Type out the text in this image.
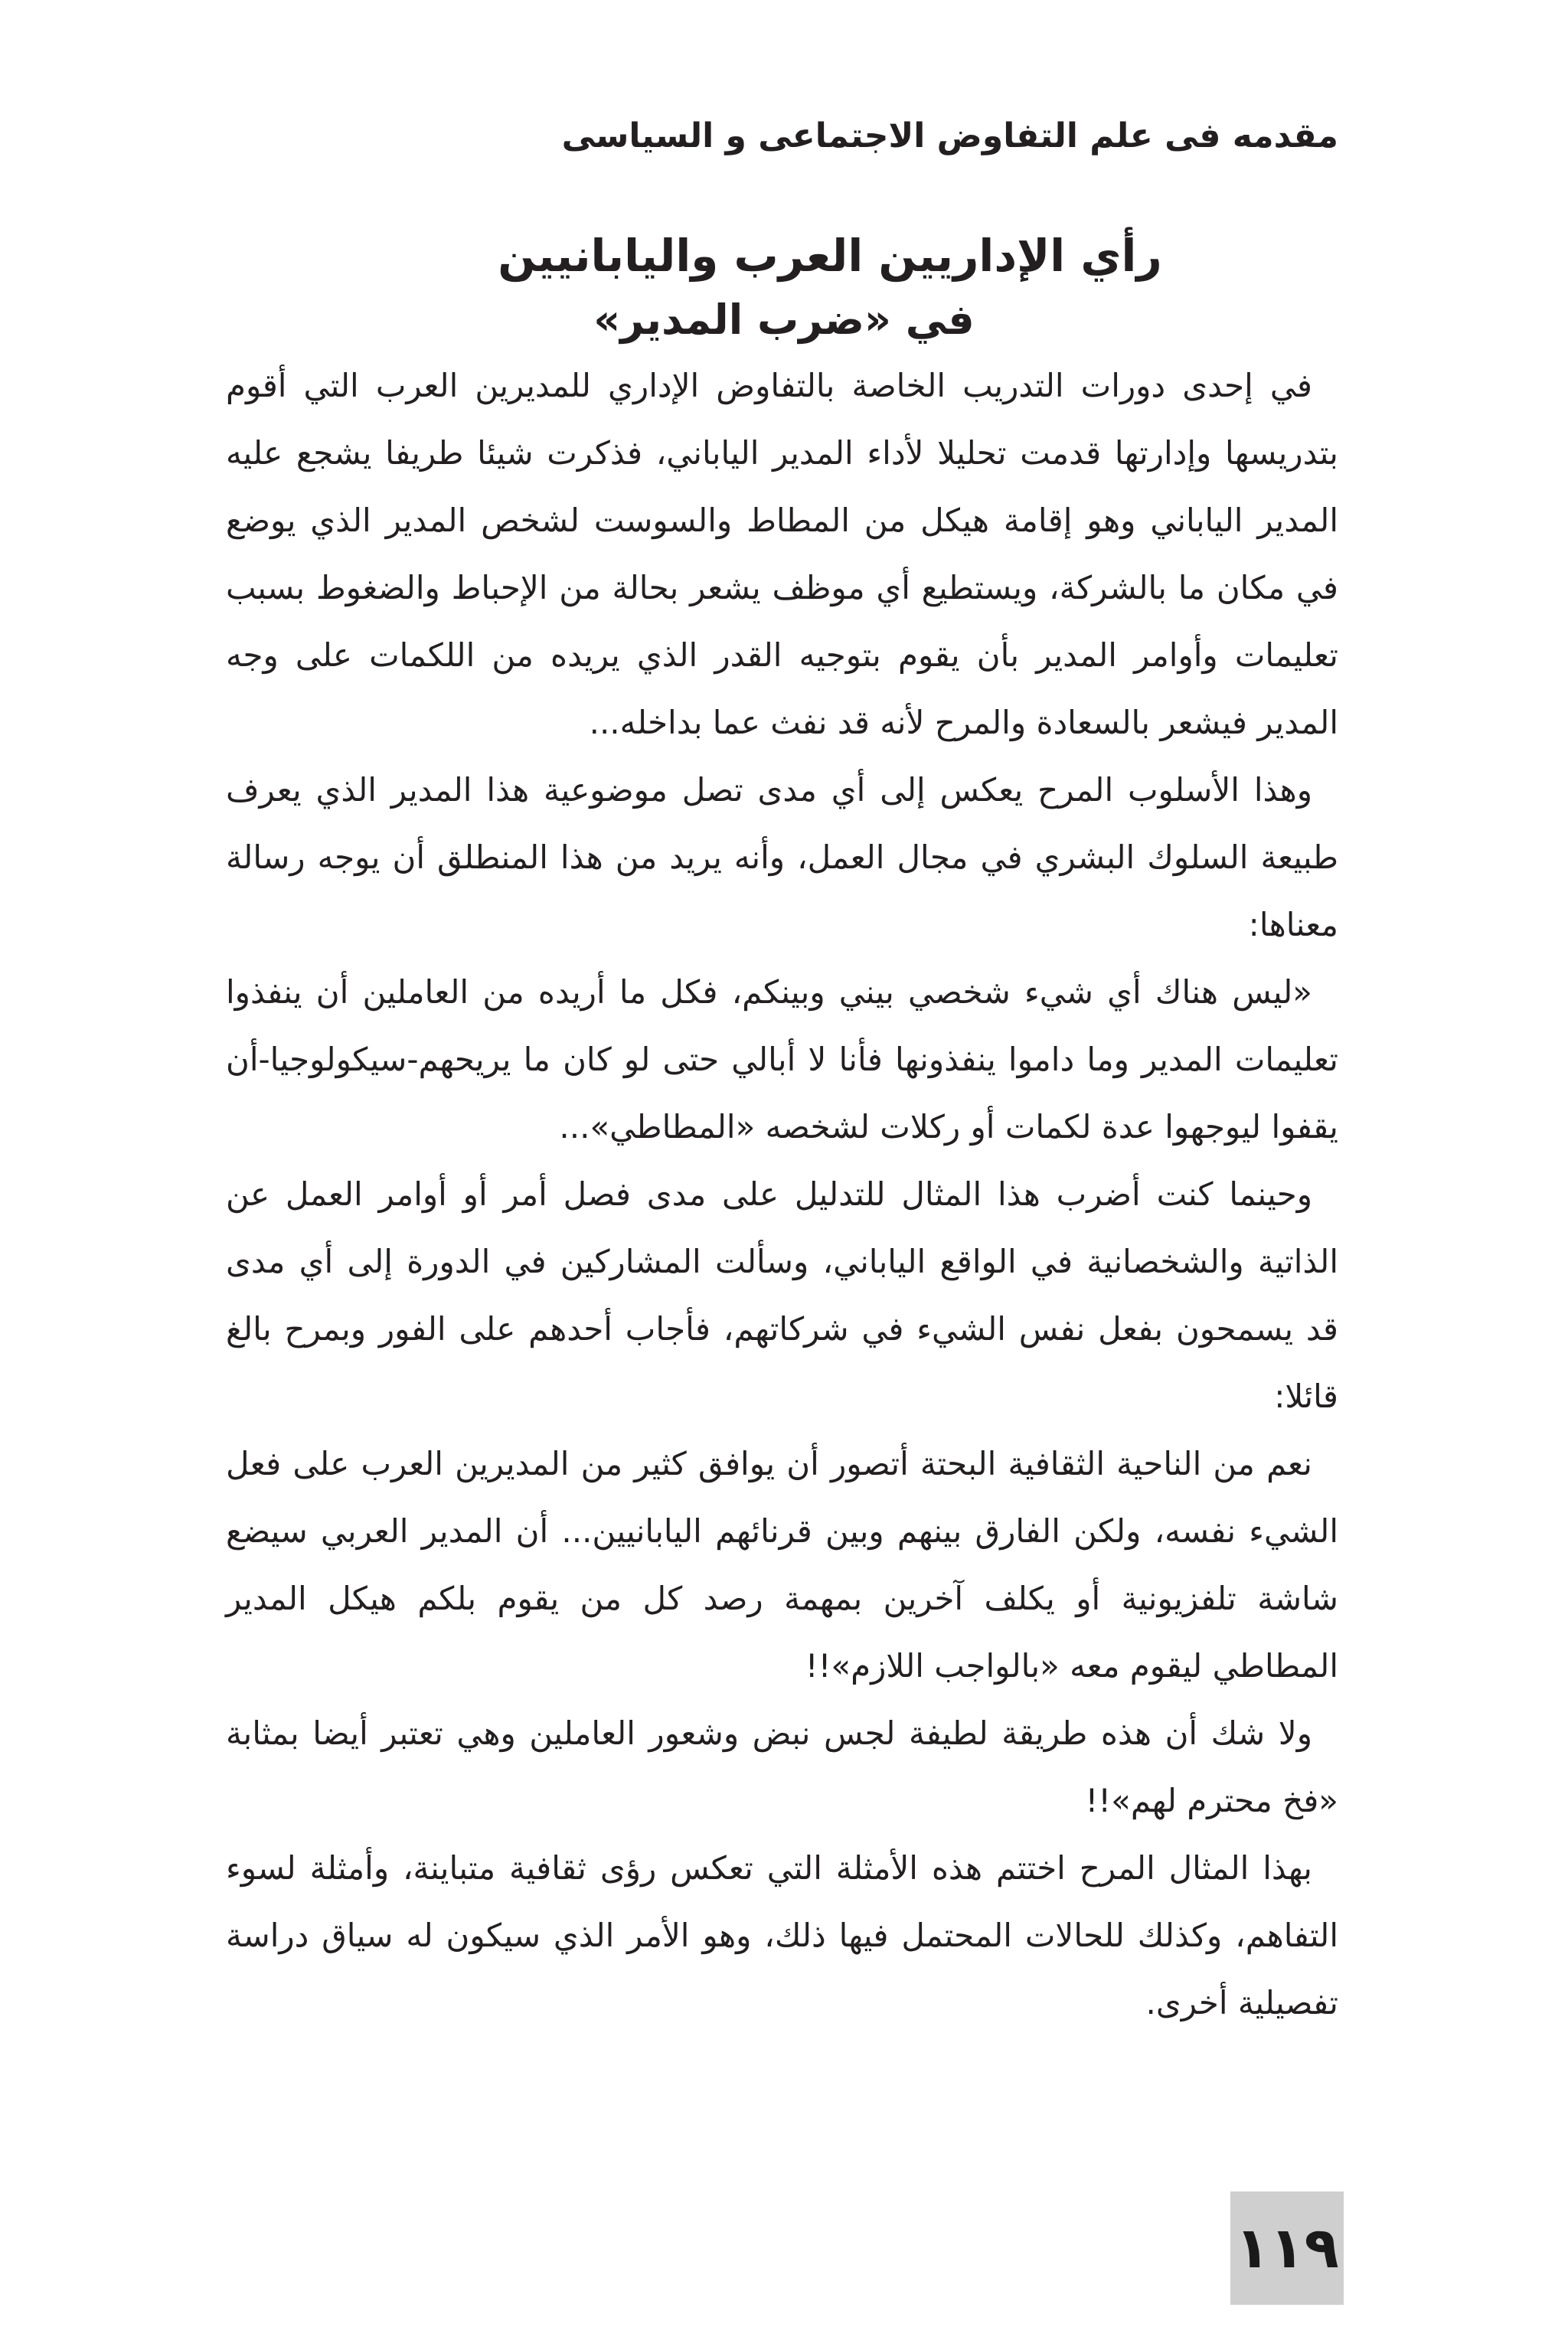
مقدمه فى علم التفاوض الاجتماعى و السياسى
رأي الإداريين العرب واليابانيين
في «ضرب المدير»

في إحدى دورات التدريب الخاصة بالتفاوض الإداري للمديرين العرب التي أقوم بتدريسها وإدارتها قدمت تحليلا لأداء المدير الياباني، فذكرت شيئا طريفا يشجع عليه المدير الياباني وهو إقامة هيكل من المطاط والسوست لشخص المدير الذي يوضع في مكان ما بالشركة، ويستطيع أي موظف يشعر بحالة من الإحباط والضغوط بسبب تعليمات وأوامر المدير بأن يقوم بتوجيه القدر الذي يريده من اللكمات على وجه المدير فيشعر بالسعادة والمرح لأنه قد نفث عما بداخله...

وهذا الأسلوب المرح يعكس إلى أي مدى تصل موضوعية هذا المدير الذي يعرف طبيعة السلوك البشري في مجال العمل، وأنه يريد من هذا المنطلق أن يوجه رسالة معناها:

«ليس هناك أي شيء شخصي بيني وبينكم، فكل ما أريده من العاملين أن ينفذوا تعليمات المدير وما داموا ينفذونها فأنا لا أبالي حتى لو كان ما يريحهم-سيكولوجيا-أن يقفوا ليوجهوا عدة لكمات أو ركلات لشخصه «المطاطي»...

وحينما كنت أضرب هذا المثال للتدليل على مدى فصل أمر أو أوامر العمل عن الذاتية والشخصانية في الواقع الياباني، وسألت المشاركين في الدورة إلى أي مدى قد يسمحون بفعل نفس الشيء في شركاتهم، فأجاب أحدهم على الفور وبمرح بالغ قائلا:

نعم من الناحية الثقافية البحتة أتصور أن يوافق كثير من المديرين العرب على فعل الشيء نفسه، ولكن الفارق بينهم وبين قرنائهم اليابانيين... أن المدير العربي سيضع شاشة تلفزيونية أو يكلف آخرين بمهمة رصد كل من يقوم بلكم هيكل المدير المطاطي ليقوم معه «بالواجب اللازم»!!

ولا شك أن هذه طريقة لطيفة لجس نبض وشعور العاملين وهي تعتبر أيضا بمثابة «فخ محترم لهم»!!

بهذا المثال المرح اختتم هذه الأمثلة التي تعكس رؤى ثقافية متباينة، وأمثلة لسوء التفاهم، وكذلك للحالات المحتمل فيها ذلك، وهو الأمر الذي سيكون له سياق دراسة تفصيلية أخرى.

١١٩
